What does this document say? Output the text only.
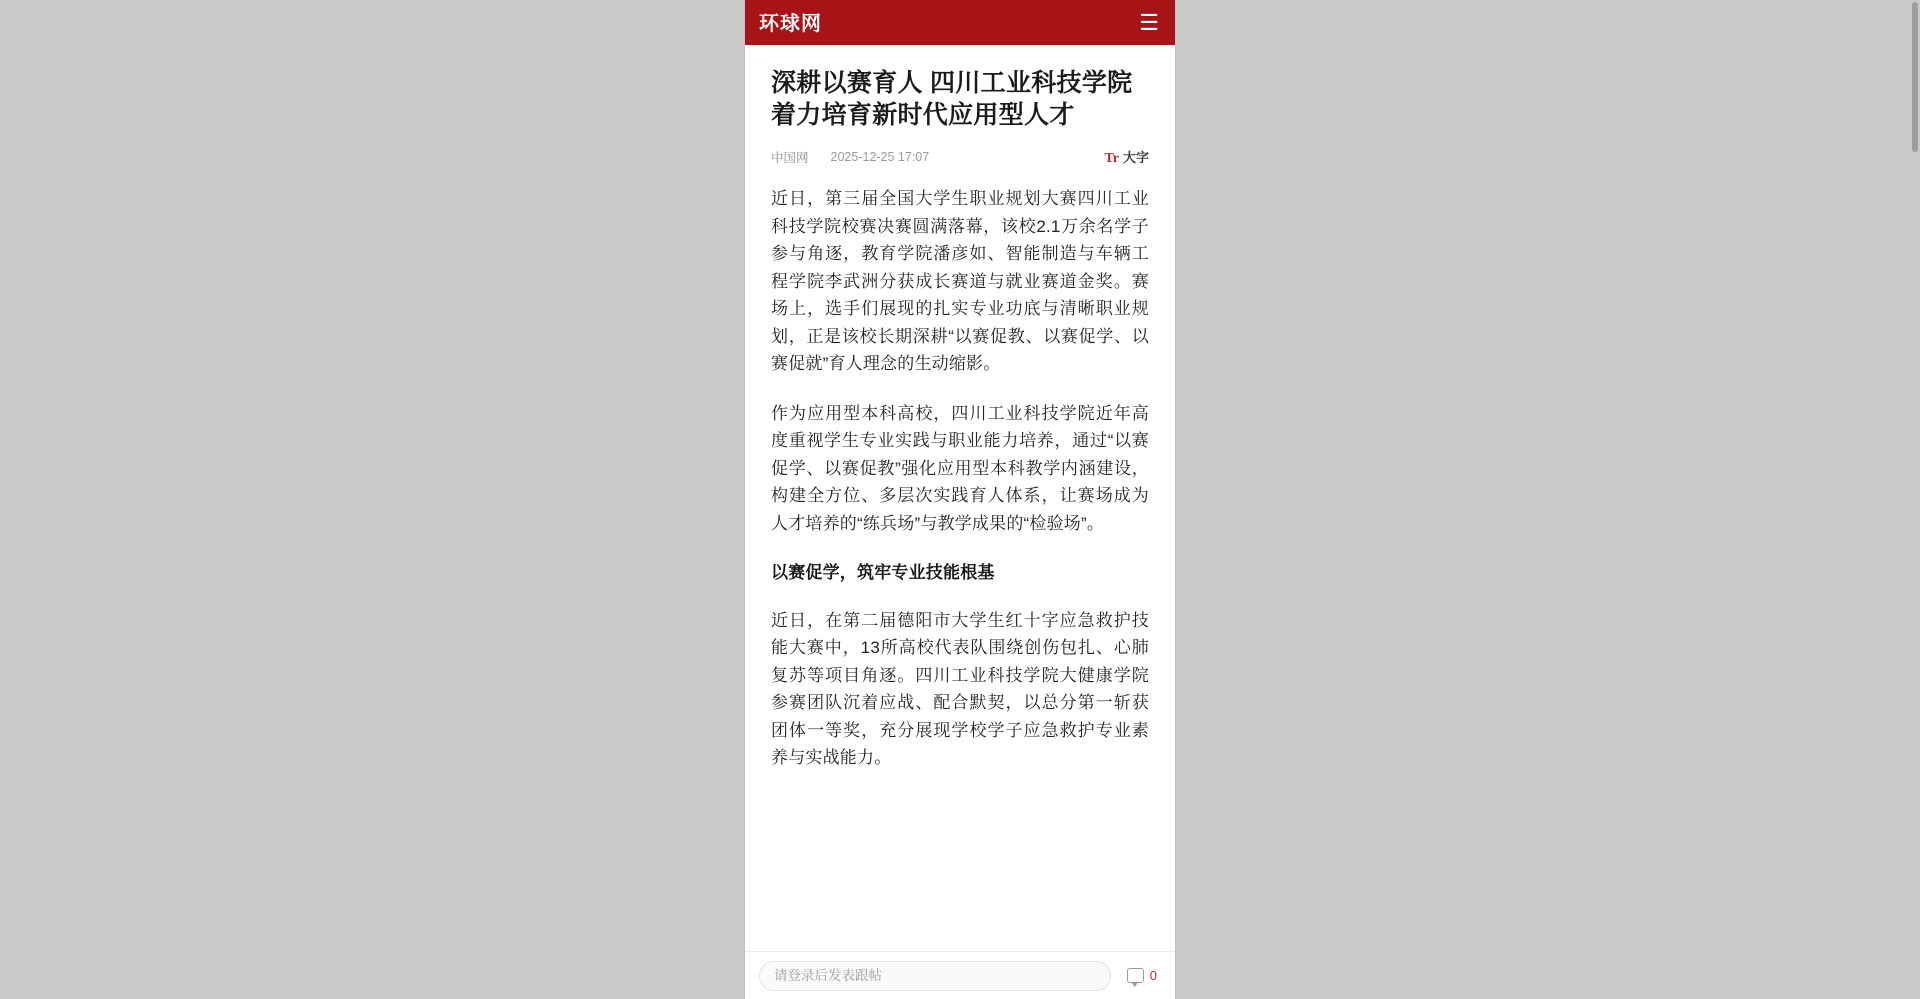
环球网	☰
深耕以赛育人 四川工业科技学院着力培育新时代应用型人才
中国网 2025-12-25 17:07	Tr 大字

近日，第三届全国大学生职业规划大赛四川工业科技学院校赛决赛圆满落幕，该校2.1万余名学子参与角逐，教育学院潘彦如、智能制造与车辆工程学院李武洲分获成长赛道与就业赛道金奖。赛场上，选手们展现的扎实专业功底与清晰职业规划，正是该校长期深耕“以赛促教、以赛促学、以赛促就”育人理念的生动缩影。

作为应用型本科高校，四川工业科技学院近年高度重视学生专业实践与职业能力培养，通过“以赛促学、以赛促教”强化应用型本科教学内涵建设，构建全方位、多层次实践育人体系，让赛场成为人才培养的“练兵场”与教学成果的“检验场”。

以赛促学，筑牢专业技能根基

近日，在第二届德阳市大学生红十字应急救护技能大赛中，13所高校代表队围绕创伤包扎、心肺复苏等项目角逐。四川工业科技学院大健康学院参赛团队沉着应战、配合默契，以总分第一斩获团体一等奖，充分展现学校学子应急救护专业素养与实战能力。

请登录后发表跟帖
0
